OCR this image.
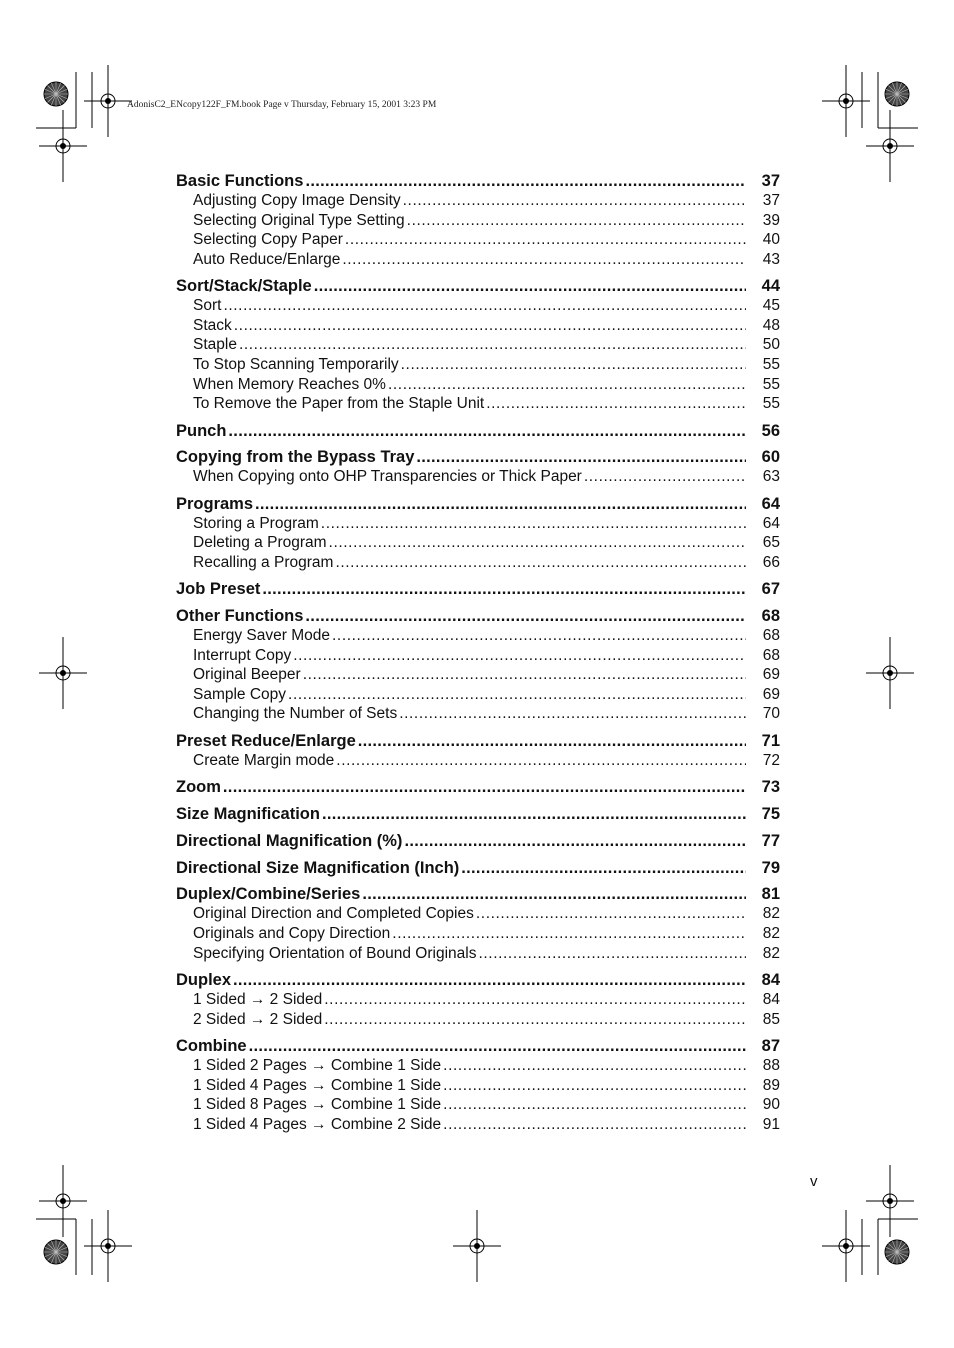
AdonisC2_ENcopy122F_FM.book Page v Thursday, February 15, 2001 3:23 PM
Basic Functions .....	37
Adjusting Copy Image Density .....	37
Selecting Original Type Setting .....	39
Selecting Copy Paper .....	40
Auto Reduce/Enlarge .....	43
Sort/Stack/Staple .....	44
Sort .....	45
Stack .....	48
Staple .....	50
To Stop Scanning Temporarily .....	55
When Memory Reaches 0% .....	55
To Remove the Paper from the Staple Unit .....	55
Punch .....	56
Copying from the Bypass Tray .....	60
When Copying onto OHP Transparencies or Thick Paper .....	63
Programs .....	64
Storing a Program .....	64
Deleting a Program .....	65
Recalling a Program .....	66
Job Preset .....	67
Other Functions .....	68
Energy Saver Mode .....	68
Interrupt Copy .....	68
Original Beeper .....	69
Sample Copy .....	69
Changing the Number of Sets .....	70
Preset Reduce/Enlarge .....	71
Create Margin mode .....	72
Zoom .....	73
Size Magnification .....	75
Directional Magnification (%) .....	77
Directional Size Magnification (Inch) .....	79
Duplex/Combine/Series .....	81
Original Direction and Completed Copies .....	82
Originals and Copy Direction .....	82
Specifying Orientation of Bound Originals .....	82
Duplex .....	84
1 Sided → 2 Sided .....	84
2 Sided → 2 Sided .....	85
Combine .....	87
1 Sided 2 Pages → Combine 1 Side .....	88
1 Sided 4 Pages → Combine 1 Side .....	89
1 Sided 8 Pages → Combine 1 Side .....	90
1 Sided 4 Pages → Combine 2 Side .....	91
v
